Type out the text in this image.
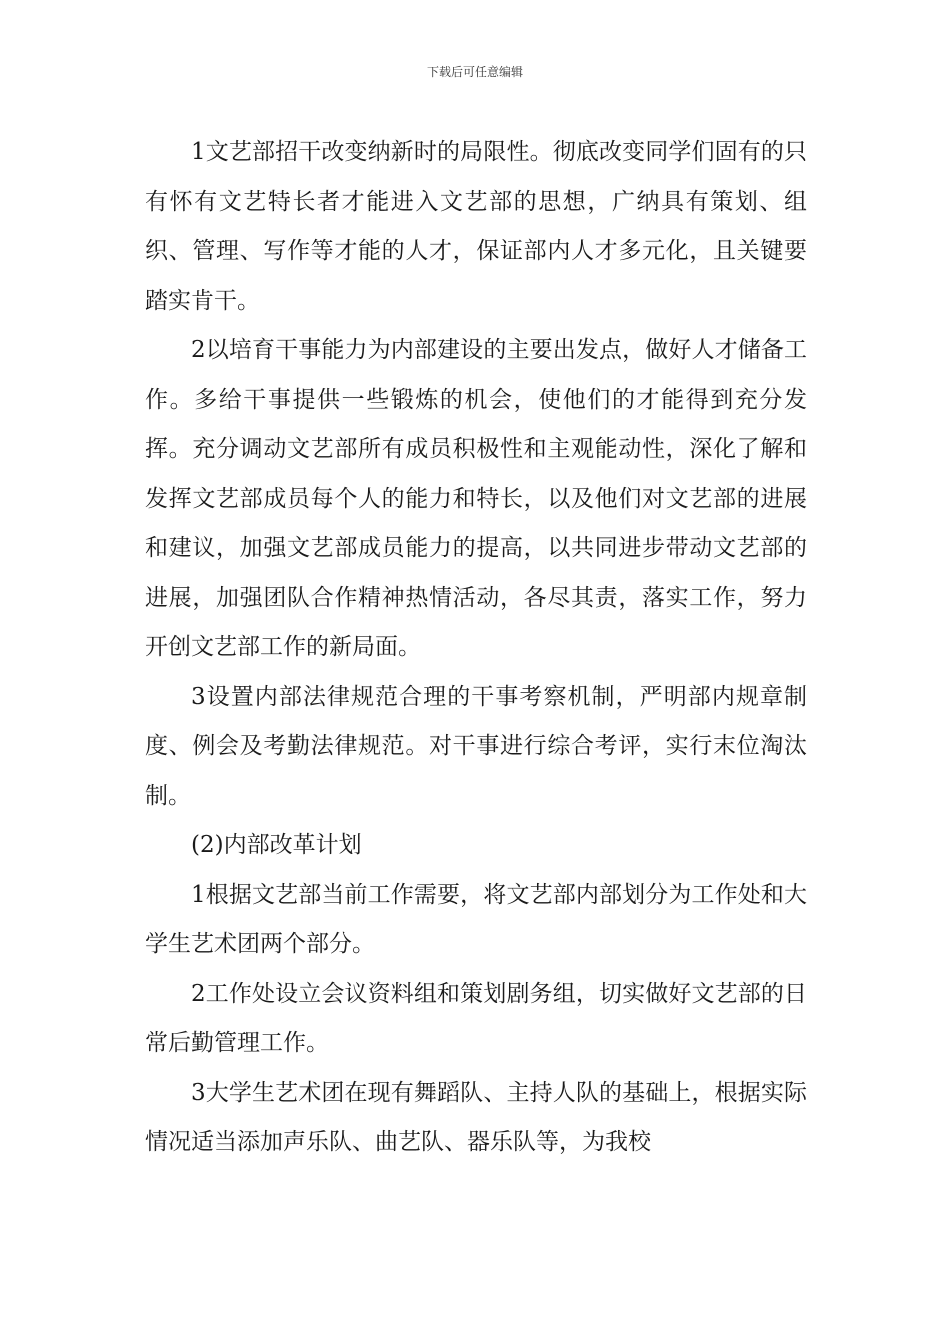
下载后可任意编辑

1文艺部招干改变纳新时的局限性。彻底改变同学们固有的只有怀有文艺特长者才能进入文艺部的思想，广纳具有策划、组织、管理、写作等才能的人才，保证部内人才多元化，且关键要踏实肯干。

2以培育干事能力为内部建设的主要出发点，做好人才储备工作。多给干事提供一些锻炼的机会，使他们的才能得到充分发挥。充分调动文艺部所有成员积极性和主观能动性，深化了解和发挥文艺部成员每个人的能力和特长，以及他们对文艺部的进展和建议，加强文艺部成员能力的提高，以共同进步带动文艺部的进展，加强团队合作精神热情活动，各尽其责，落实工作，努力开创文艺部工作的新局面。

3设置内部法律规范合理的干事考察机制，严明部内规章制度、例会及考勤法律规范。对干事进行综合考评，实行末位淘汰制。

(2)内部改革计划

1根据文艺部当前工作需要，将文艺部内部划分为工作处和大学生艺术团两个部分。

2工作处设立会议资料组和策划剧务组，切实做好文艺部的日常后勤管理工作。

3大学生艺术团在现有舞蹈队、主持人队的基础上，根据实际情况适当添加声乐队、曲艺队、器乐队等，为我校
